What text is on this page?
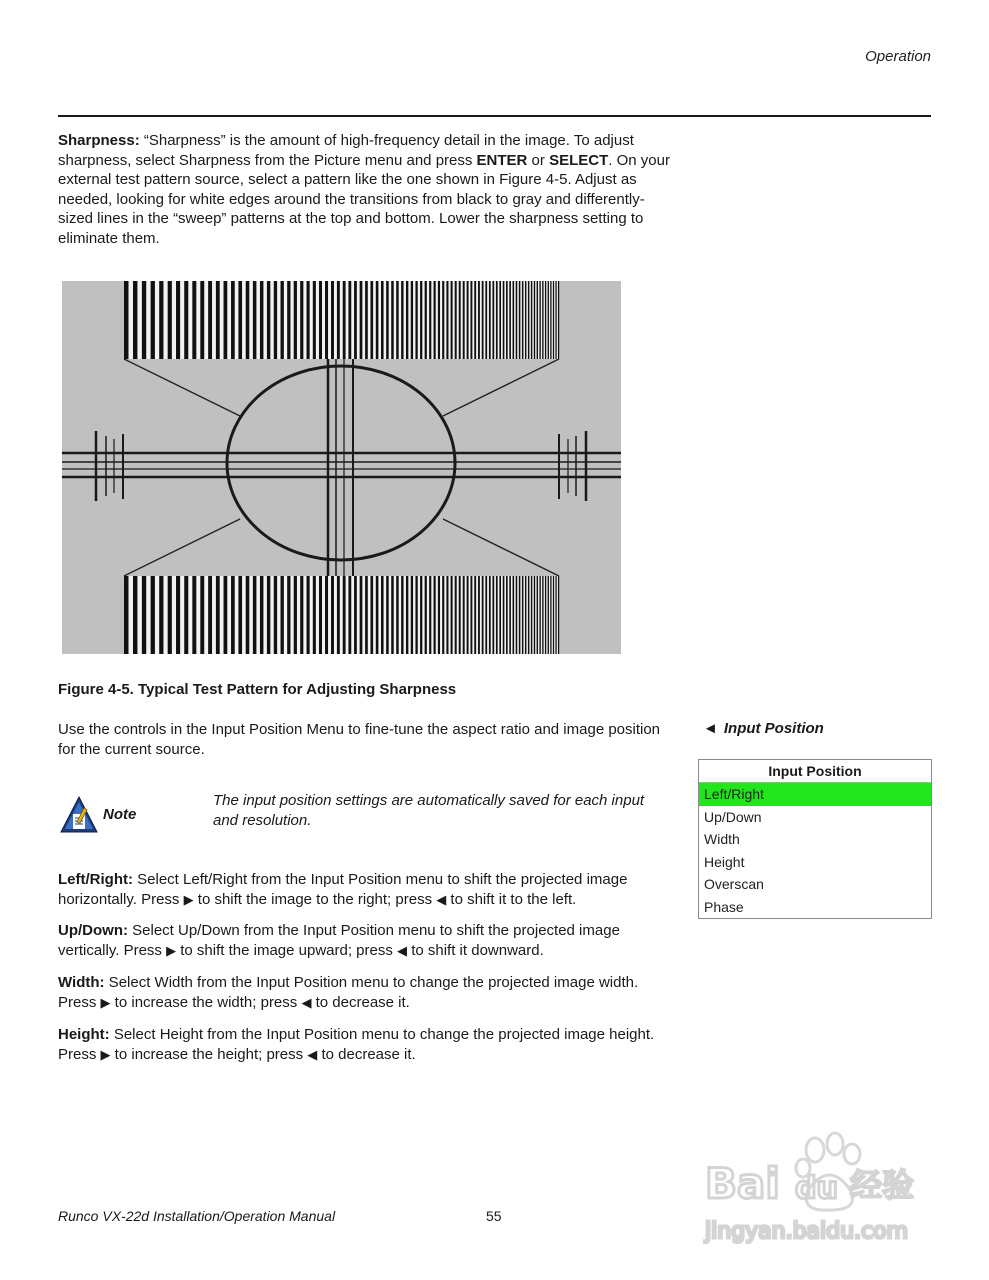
Operation
Sharpness: “Sharpness” is the amount of high-frequency detail in the image. To adjust sharpness, select Sharpness from the Picture menu and press ENTER or SELECT. On your external test pattern source, select a pattern like the one shown in Figure 4-5. Adjust as needed, looking for white edges around the transitions from black to gray and differently-sized lines in the “sweep” patterns at the top and bottom. Lower the sharpness setting to eliminate them.
Figure 4-5. Typical Test Pattern for Adjusting Sharpness
Use the controls in the Input Position Menu to fine-tune the aspect ratio and image position for the current source.
◄ Input Position
Input Position
Left/Right
Up/Down
Width
Height
Overscan
Phase
Note
The input position settings are automatically saved for each input and resolution.
Left/Right: Select Left/Right from the Input Position menu to shift the projected image horizontally. Press ▶ to shift the image to the right; press ◀ to shift it to the left.
Up/Down: Select Up/Down from the Input Position menu to shift the projected image vertically. Press ▶ to shift the image upward; press ◀ to shift it downward.
Width: Select Width from the Input Position menu to change the projected image width. Press ▶ to increase the width; press ◀ to decrease it.
Height: Select Height from the Input Position menu to change the projected image height. Press ▶ to increase the height; press ◀ to decrease it.
Bai du 经验
jingyan.baidu.com
Runco VX-22d Installation/Operation Manual	55
